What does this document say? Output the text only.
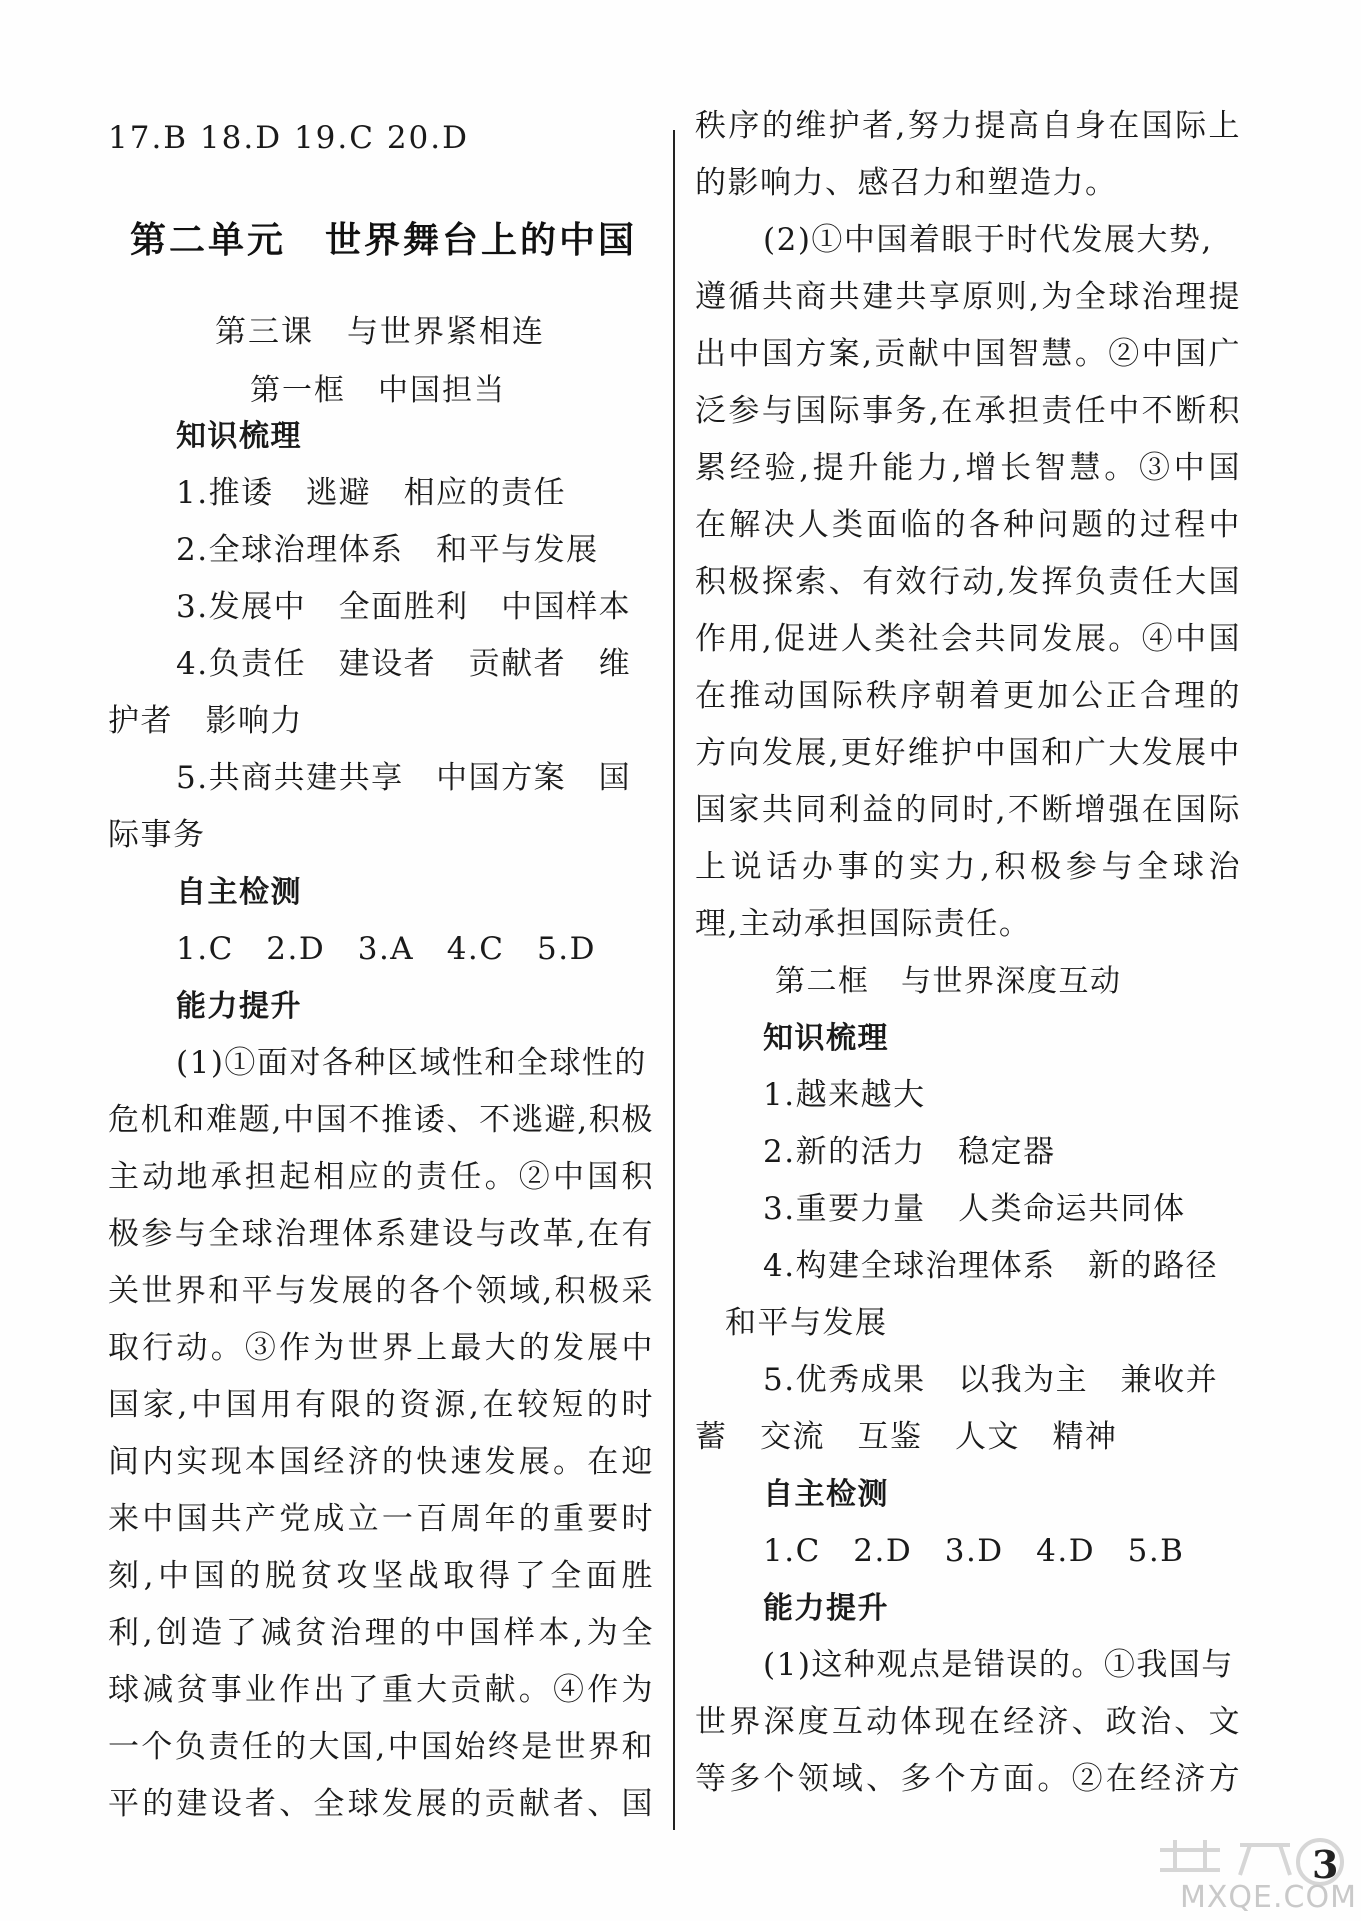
17.B 18.D 19.C 20.D
第二单元　世界舞台上的中国
第三课　与世界紧相连
第一框　中国担当
知识梳理
1.推诿　逃避　相应的责任
2.全球治理体系　和平与发展
3.发展中　全面胜利　中国样本
4.负责任　建设者　贡献者　维
护者　影响力
5.共商共建共享　中国方案　国
际事务
自主检测
1.C　2.D　3.A　4.C　5.D
能力提升
(1)①面对各种区域性和全球性的
危机和难题,中国不推诿、不逃避,积极
主动地承担起相应的责任。②中国积
极参与全球治理体系建设与改革,在有
关世界和平与发展的各个领域,积极采
取行动。③作为世界上最大的发展中
国家,中国用有限的资源,在较短的时
间内实现本国经济的快速发展。在迎
来中国共产党成立一百周年的重要时
刻,中国的脱贫攻坚战取得了全面胜
利,创造了减贫治理的中国样本,为全
球减贫事业作出了重大贡献。④作为
一个负责任的大国,中国始终是世界和
平的建设者、全球发展的贡献者、国
秩序的维护者,努力提高自身在国际上
的影响力、感召力和塑造力。
(2)①中国着眼于时代发展大势,
遵循共商共建共享原则,为全球治理提
出中国方案,贡献中国智慧。②中国广
泛参与国际事务,在承担责任中不断积
累经验,提升能力,增长智慧。③中国
在解决人类面临的各种问题的过程中
积极探索、有效行动,发挥负责任大国
作用,促进人类社会共同发展。④中国
在推动国际秩序朝着更加公正合理的
方向发展,更好维护中国和广大发展中
国家共同利益的同时,不断增强在国际
上说话办事的实力,积极参与全球治
理,主动承担国际责任。
第二框　与世界深度互动
知识梳理
1.越来越大
2.新的活力　稳定器
3.重要力量　人类命运共同体
4.构建全球治理体系　新的路径
和平与发展
5.优秀成果　以我为主　兼收并
蓄　交流　互鉴　人文　精神
自主检测
1.C　2.D　3.D　4.D　5.B
能力提升
(1)这种观点是错误的。①我国与
世界深度互动体现在经济、政治、文
等多个领域、多个方面。②在经济方
3
MXQE.COM
